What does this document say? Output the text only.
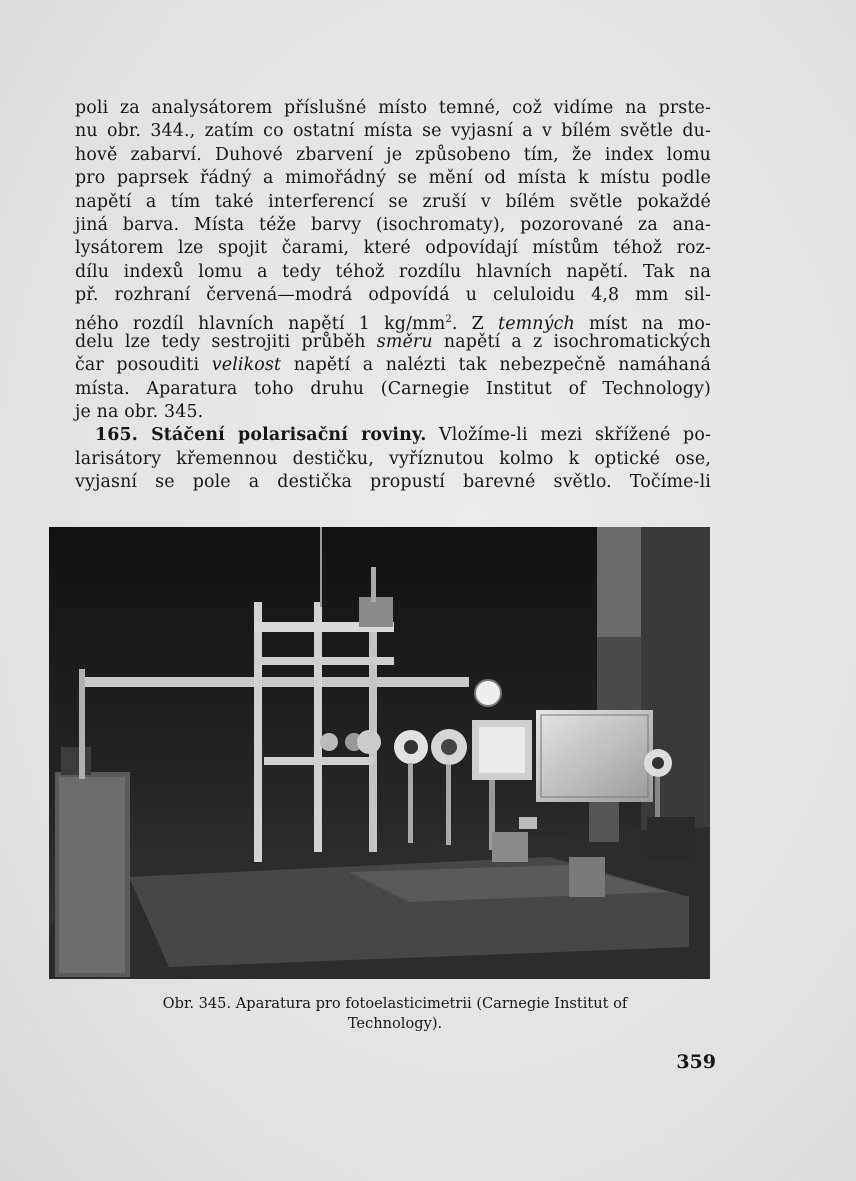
poli za analysátorem příslušné místo temné, což vidíme na prste-
nu obr. 344., zatím co ostatní místa se vyjasní a v bílém světle du-
hově zabarví. Duhové zbarvení je způsobeno tím, že index lomu
pro paprsek řádný a mimořádný se mění od místa k místu podle
napětí a tím také interferencí se zruší v bílém světle pokaždé
jiná barva. Místa téže barvy (isochromaty), pozorované za ana-
lysátorem lze spojit čarami, které odpovídají místům téhož roz-
dílu indexů lomu a tedy téhož rozdílu hlavních napětí. Tak na
př. rozhraní červená—modrá odpovídá u celuloidu 4,8 mm sil-
ného rozdíl hlavních napětí 1 $kg/mm^2$. Z temných míst na mo-
delu lze tedy sestrojiti průběh směru napětí a z isochromatických
čar posouditi velikost napětí a nalézti tak nebezpečně namáhaná
místa. Aparatura toho druhu (Carnegie Institut of Technology)
je na obr. 345.
165. Stáčení polarisační roviny. Vložíme-li mezi skřížené po-
larisátory křemennou destičku, vyříznutou kolmo k optické ose,
vyjasní se pole a destička propustí barevné světlo. Točíme-li
Obr. 345. Aparatura pro fotoelasticimetrii (Carnegie Institut of
Technology).
359
